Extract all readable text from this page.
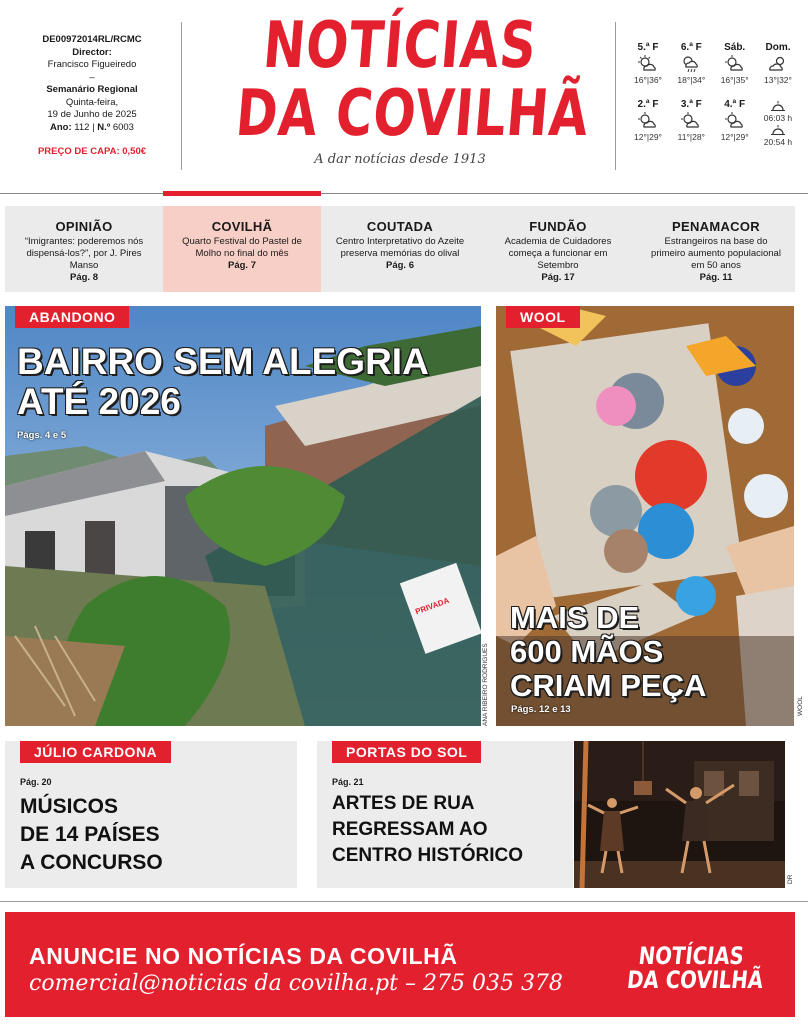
DE00972014RL/RCMC
Director:
Francisco Figueiredo
–
Semanário Regional
Quinta-feira,
19 de Junho de 2025
Ano: 112 | N.º 6003
PREÇO DE CAPA: 0,50€
NOTÍCIAS
DA COVILHÃ
A dar notícias desde 1913
5.ª F
16°|36°
6.ª F
18°|34°
Sáb.
16°|35°
Dom.
13°|32°
2.ª F
12°|29°
3.ª F
11°|28°
4.ª F
12°|29°
06:03 h
20:54 h
OPINIÃO
“Imigrantes: poderemos nós dispensá-los?”, por J. Pires Manso
Pág. 8
COVILHÃ
Quarto Festival do Pastel de Molho no final do mês
Pág. 7
COUTADA
Centro Interpretativo do Azeite preserva memórias do olival
Pág. 6
FUNDÃO
Academia de Cuidadores começa a funcionar em Setembro
Pág. 17
PENAMACOR
Estrangeiros na base do primeiro aumento populacional em 50 anos
Pág. 11
PRIVADA
ABANDONO
BAIRRO SEM ALEGRIA
ATÉ 2026
Págs. 4 e 5
ANA RIBEIRO RODRIGUES
WOOL
MAIS DE
600 MÃOS
CRIAM PEÇA
Págs. 12 e 13	WOOL
JÚLIO CARDONA
Pág. 20
MÚSICOS
DE 14 PAÍSES
A CONCURSO
PORTAS DO SOL
Pág. 21
ARTES DE RUA
REGRESSAM AO
CENTRO HISTÓRICO
DR
ANUNCIE NO NOTÍCIAS DA COVILHÃ
comercial@noticias da covilha.pt – 275 035 378
NOTÍCIAS
DA COVILHÃ
